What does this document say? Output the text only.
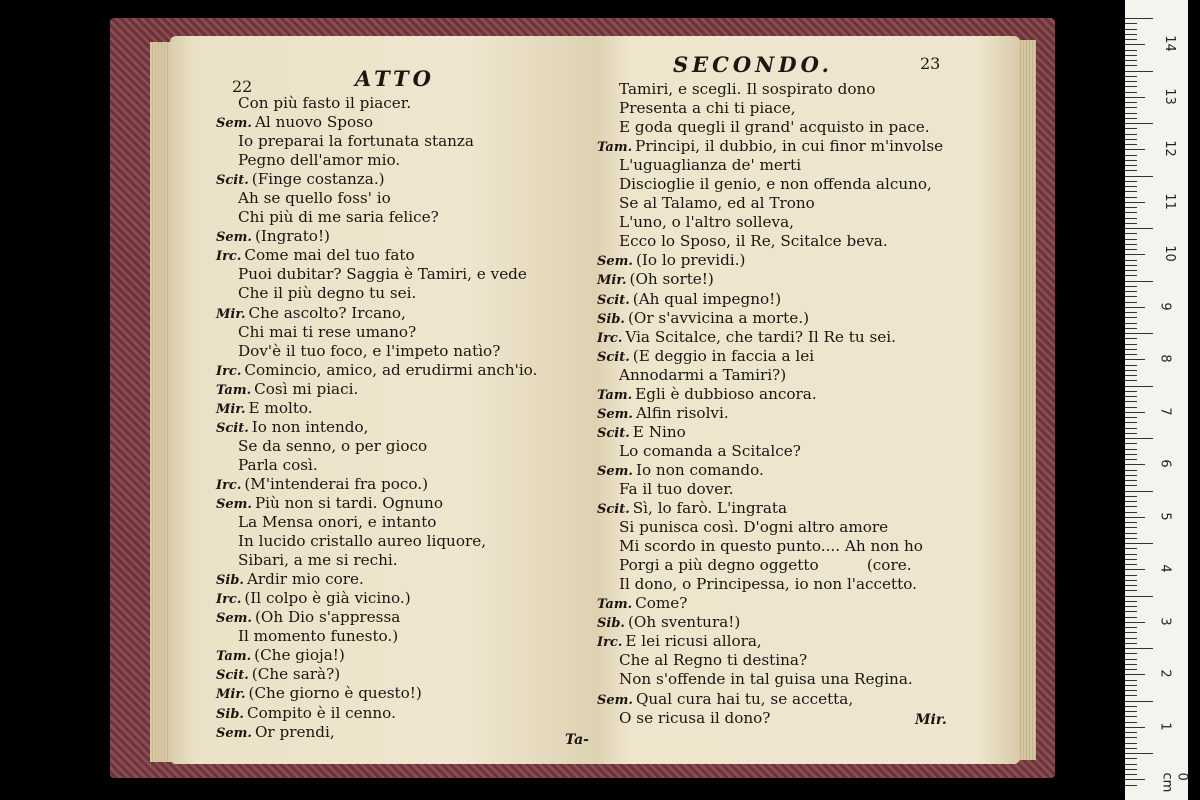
22	ATTO
Con più fasto il piacer.
Sem. Al nuovo Sposo
Io preparai la fortunata stanza
Pegno dell'amor mio.
Scit. (Finge costanza.)
Ah se quello foss' io
Chi più di me saria felice?
Sem. (Ingrato!)
Irc. Come mai del tuo fato
Puoi dubitar? Saggia è Tamiri, e vede
Che il più degno tu sei.
Mir. Che ascolto? Ircano,
Chi mai ti rese umano?
Dov'è il tuo foco, e l'impeto natìo?
Irc. Comincio, amico, ad erudirmi anch'io.
Tam. Così mi piaci.
Mir. E molto.
Scit. Io non intendo,
Se da senno, o per gioco
Parla così.
Irc. (M'intenderai fra poco.)
Sem. Più non si tardi. Ognuno
La Mensa onori, e intanto
In lucido cristallo aureo liquore,
Sibari, a me si rechi.
Sib. Ardir mio core.
Irc. (Il colpo è già vicino.)
Sem. (Oh Dio s'appressa
Il momento funesto.)
Tam. (Che gioja!)
Scit. (Che sarà?)
Mir. (Che giorno è questo!)
Sib. Compito è il cenno.
Sem. Or prendi,	Ta-
SECONDO.	23
Tamiri, e scegli. Il sospirato dono
Presenta a chi ti piace,
E goda quegli il grand' acquisto in pace.
Tam. Principi, il dubbio, in cui finor m'involse
L'uguaglianza de' merti
Discioglie il genio, e non offenda alcuno,
Se al Talamo, ed al Trono
L'uno, o l'altro solleva,
Ecco lo Sposo, il Re, Scitalce beva.
Sem. (Io lo previdi.)
Mir. (Oh sorte!)
Scit. (Ah qual impegno!)
Sib. (Or s'avvicina a morte.)
Irc. Via Scitalce, che tardi? Il Re tu sei.
Scit. (E deggio in faccia a lei
Annodarmi a Tamiri?)
Tam. Egli è dubbioso ancora.
Sem. Alfin risolvi.
Scit. E Nino
Lo comanda a Scitalce?
Sem. Io non comando.
Fa il tuo dover.
Scit. Sì, lo farò. L'ingrata
Si punisca così. D'ogni altro amore
Mi scordo in questo punto.... Ah non ho
Porgi a più degno oggetto          (core.
Il dono, o Principessa, io non l'accetto.
Tam. Come?
Sib. (Oh sventura!)
Irc. E lei ricusi allora,
Che al Regno ti destina?
Non s'offende in tal guisa una Regina.
Sem. Qual cura hai tu, se accetta,
O se ricusa il dono?	Mir.
14
13
12
11
10
9
8
7
6
5
4
3
2
1
0 cm
